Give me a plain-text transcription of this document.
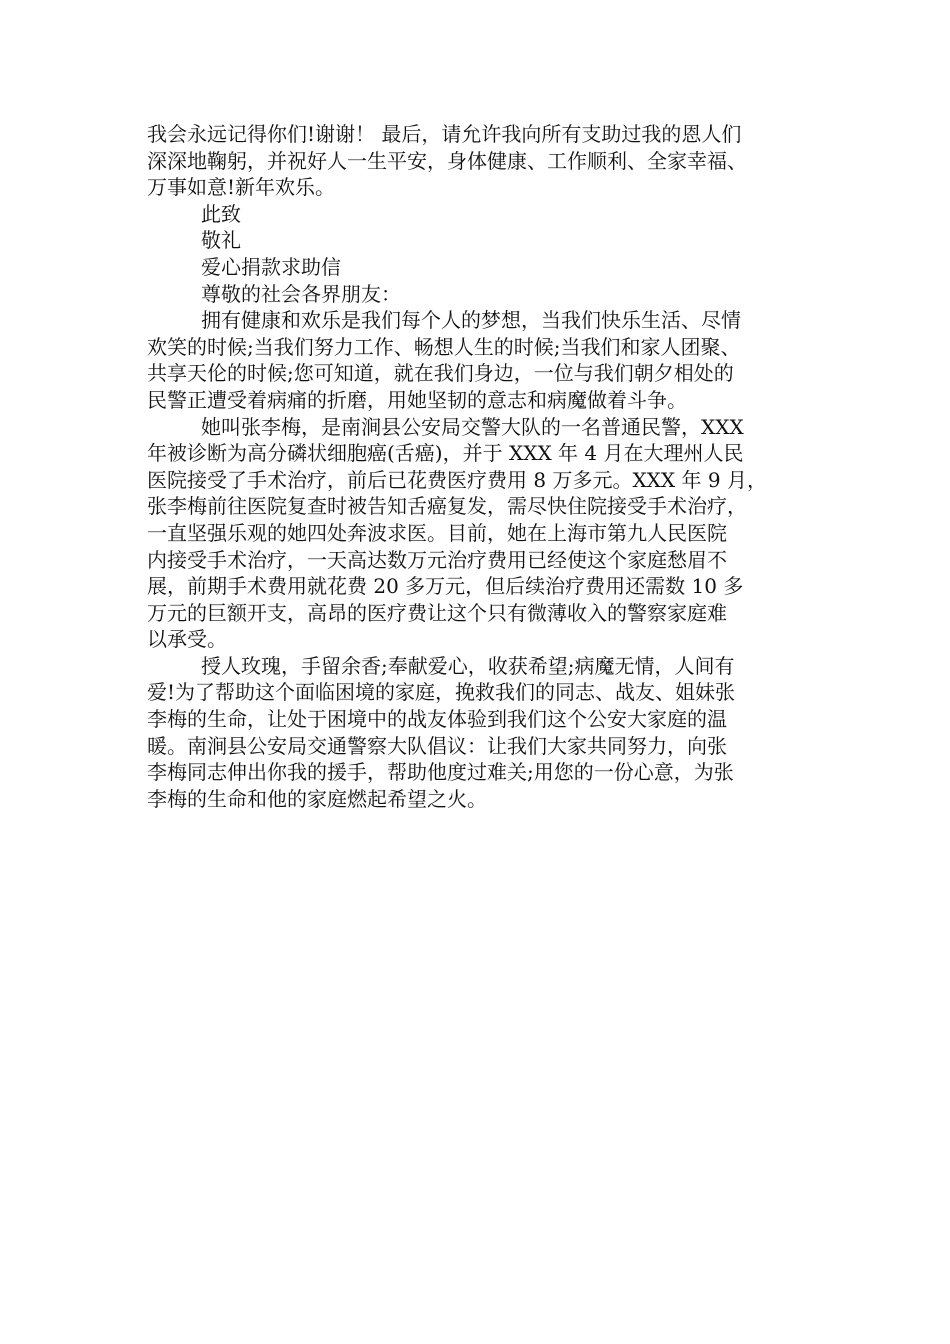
我会永远记得你们!谢谢！ 最后，请允许我向所有支助过我的恩人们
深深地鞠躬，并祝好人一生平安，身体健康、工作顺利、全家幸福、
万事如意!新年欢乐。
此致
敬礼
爱心捐款求助信
尊敬的社会各界朋友：
拥有健康和欢乐是我们每个人的梦想，当我们快乐生活、尽情
欢笑的时候;当我们努力工作、畅想人生的时候;当我们和家人团聚、
共享天伦的时候;您可知道，就在我们身边，一位与我们朝夕相处的
民警正遭受着病痛的折磨，用她坚韧的意志和病魔做着斗争。
她叫张李梅，是南涧县公安局交警大队的一名普通民警，XXX
年被诊断为高分磷状细胞癌(舌癌)，并于 XXX 年 4 月在大理州人民
医院接受了手术治疗，前后已花费医疗费用 8 万多元。XXX 年 9 月，
张李梅前往医院复查时被告知舌癌复发，需尽快住院接受手术治疗，
一直坚强乐观的她四处奔波求医。目前，她在上海市第九人民医院
内接受手术治疗，一天高达数万元治疗费用已经使这个家庭愁眉不
展，前期手术费用就花费 20 多万元，但后续治疗费用还需数 10 多
万元的巨额开支，高昂的医疗费让这个只有微薄收入的警察家庭难
以承受。
授人玫瑰，手留余香;奉献爱心，收获希望;病魔无情，人间有
爱!为了帮助这个面临困境的家庭，挽救我们的同志、战友、姐妹张
李梅的生命，让处于困境中的战友体验到我们这个公安大家庭的温
暖。南涧县公安局交通警察大队倡议：让我们大家共同努力，向张
李梅同志伸出你我的援手，帮助他度过难关;用您的一份心意，为张
李梅的生命和他的家庭燃起希望之火。
